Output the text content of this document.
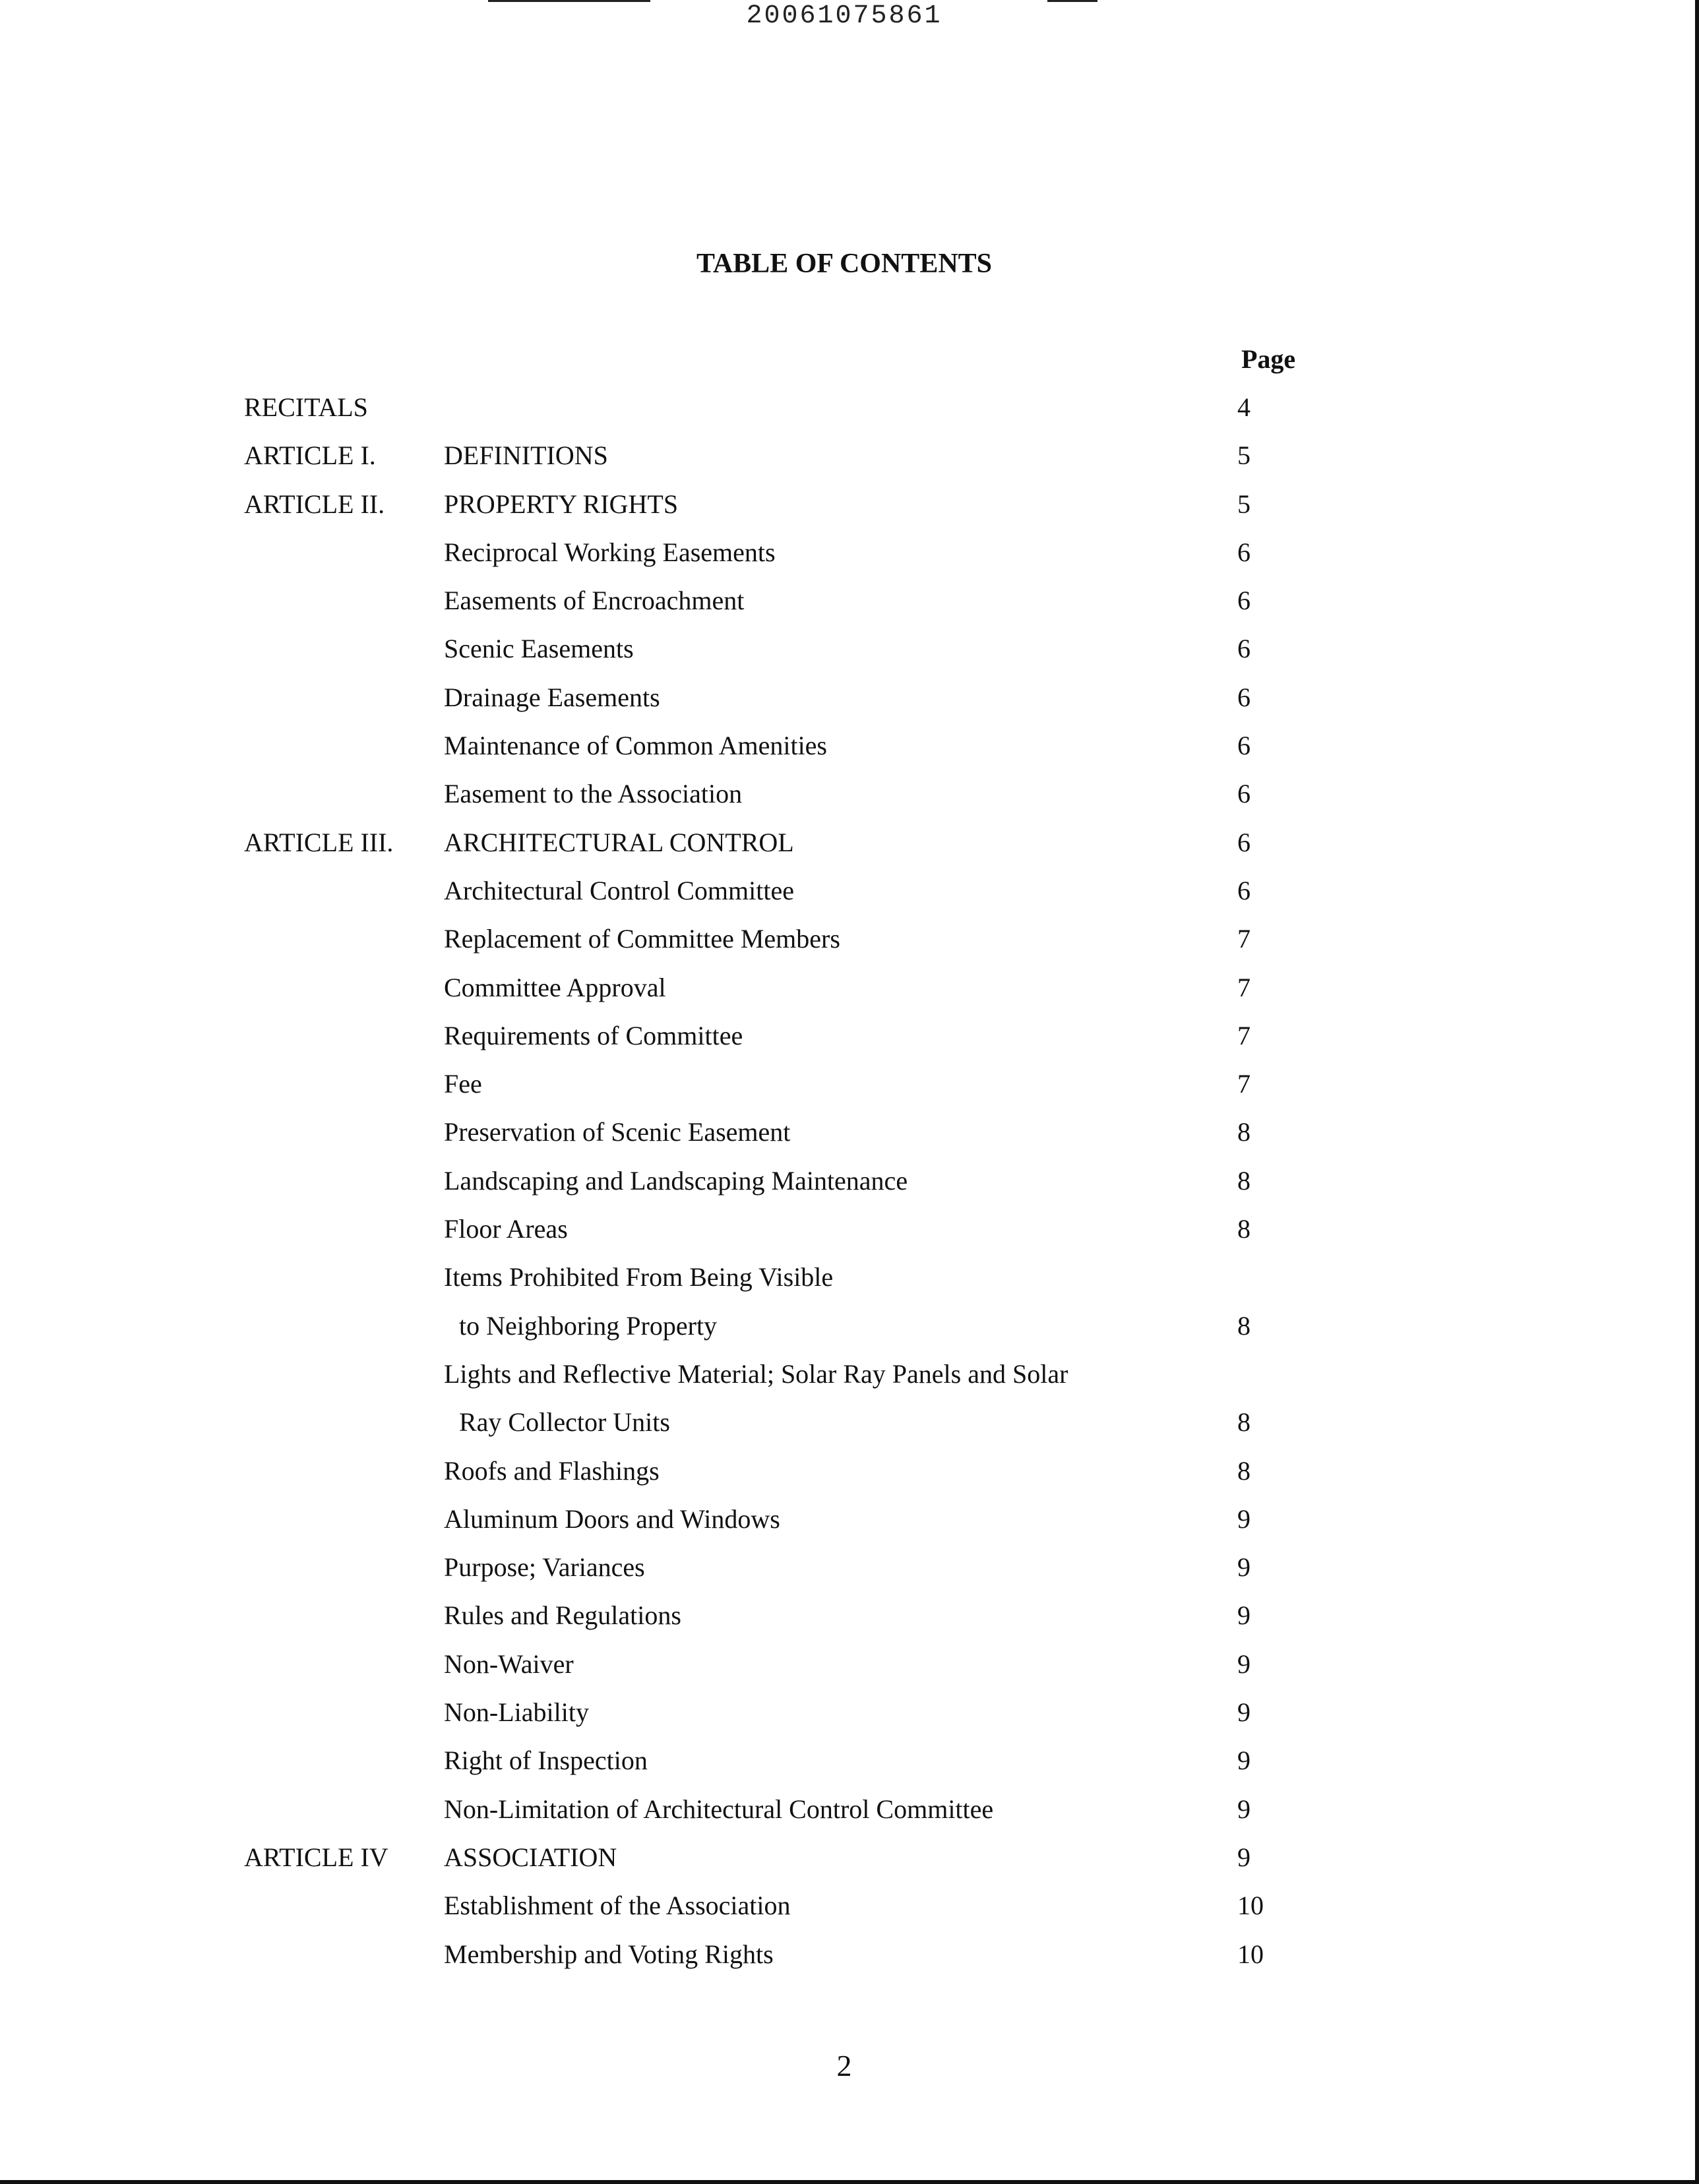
20061075861
TABLE OF CONTENTS
Page
RECITALS	4
ARTICLE I.	DEFINITIONS	5
ARTICLE II. PROPERTY RIGHTS	5
Reciprocal Working Easements	6
Easements of Encroachment	6
Scenic Easements	6
Drainage Easements	6
Maintenance of Common Amenities	6
Easement to the Association	6
ARTICLE III. ARCHITECTURAL CONTROL	6
Architectural Control Committee	6
Replacement of Committee Members	7
Committee Approval	7
Requirements of Committee	7
Fee	7
Preservation of Scenic Easement	8
Landscaping and Landscaping Maintenance	8
Floor Areas	8
Items Prohibited From Being Visible
to Neighboring Property	8
Lights and Reflective Material; Solar Ray Panels and Solar
Ray Collector Units	8
Roofs and Flashings	8
Aluminum Doors and Windows	9
Purpose; Variances	9
Rules and Regulations	9
Non-Waiver	9
Non-Liability	9
Right of Inspection	9
Non-Limitation of Architectural Control Committee	9
ARTICLE IV ASSOCIATION	9
Establishment of the Association	10
Membership and Voting Rights	10
2
